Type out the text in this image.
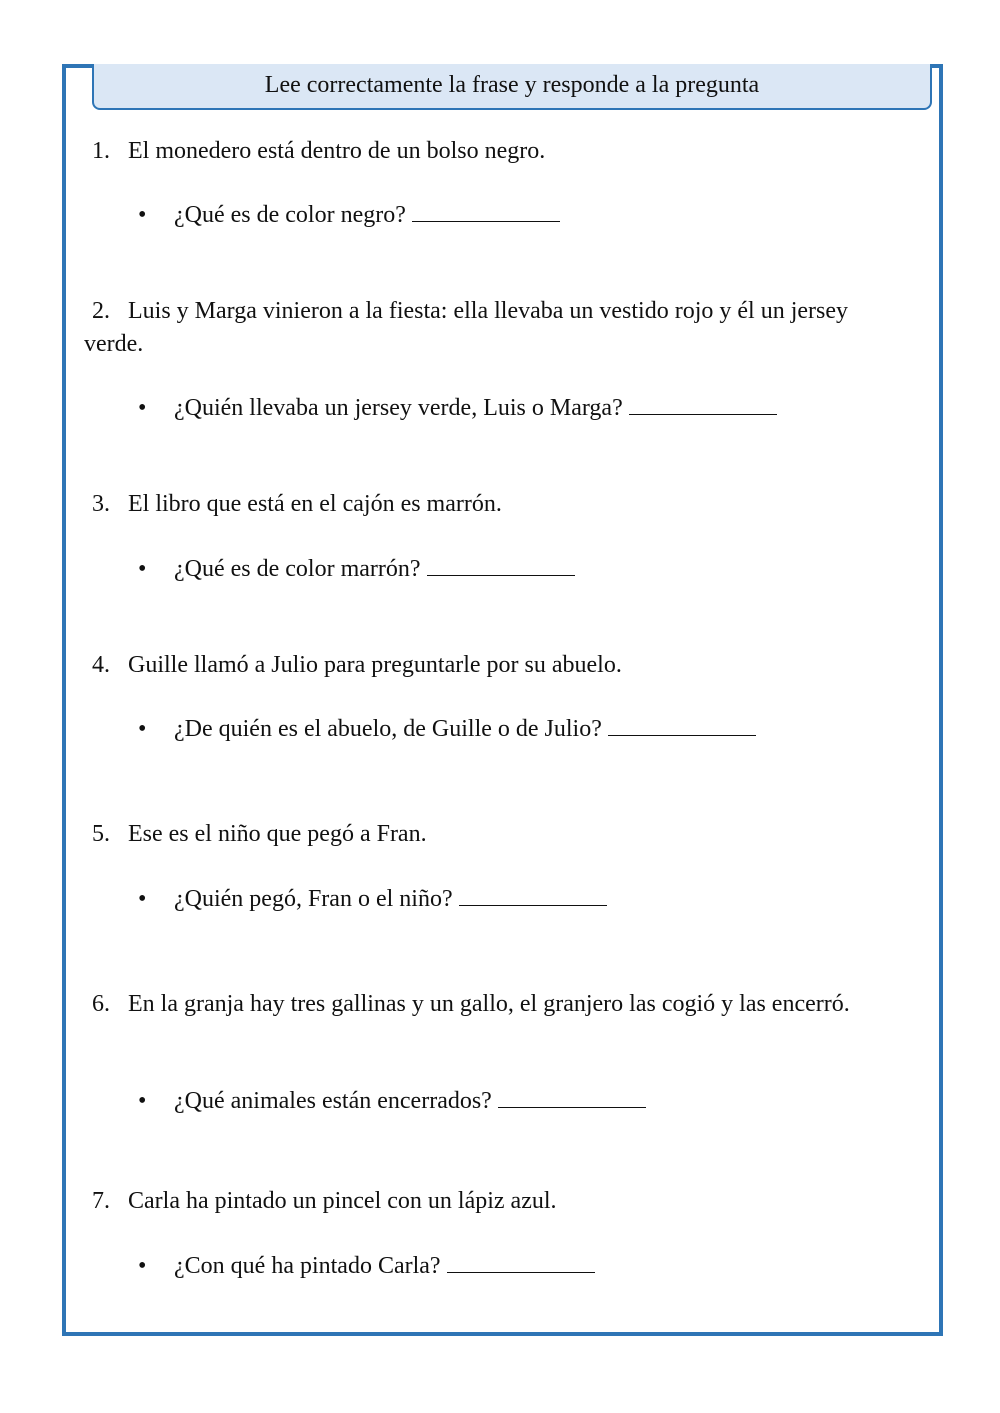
Lee correctamente la frase y responde a la pregunta
1. El monedero está dentro de un bolso negro.
• ¿Qué es de color negro?
2. Luis y Marga vinieron a la fiesta: ella llevaba un vestido rojo y él un jersey verde.
• ¿Quién llevaba un jersey verde, Luis o Marga?
3. El libro que está en el cajón es marrón.
• ¿Qué es de color marrón?
4. Guille llamó a Julio para preguntarle por su abuelo.
• ¿De quién es el abuelo, de Guille o de Julio?
5. Ese es el niño que pegó a Fran.
• ¿Quién pegó, Fran o el niño?
6. En la granja hay tres gallinas y un gallo, el granjero las cogió y las encerró.
• ¿Qué animales están encerrados?
7. Carla ha pintado un pincel con un lápiz azul.
• ¿Con qué ha pintado Carla?
